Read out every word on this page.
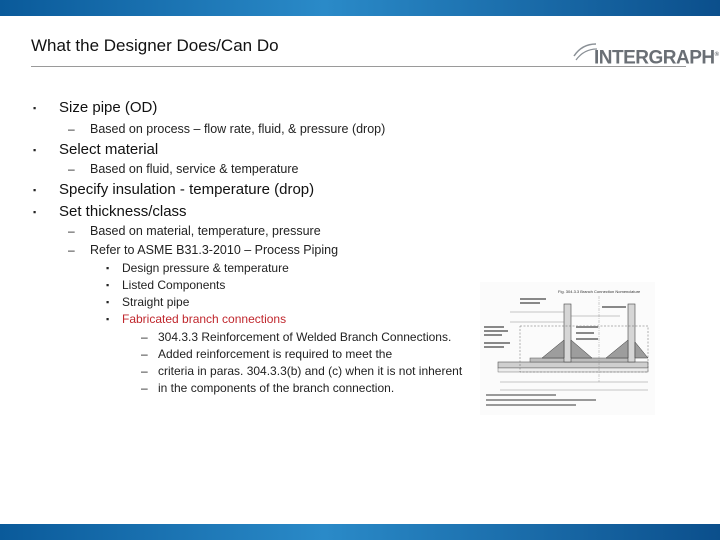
What the Designer Does/Can Do
INTERGRAPH®
▪ Size pipe (OD)
– Based on process – flow rate, fluid, & pressure (drop)
▪ Select material
– Based on fluid, service & temperature
▪ Specify insulation - temperature (drop)
▪ Set thickness/class
– Based on material, temperature, pressure
– Refer to ASME B31.3-2010 – Process Piping
▪ Design pressure & temperature
▪ Listed Components
▪ Straight pipe
▪ Fabricated branch connections
– 304.3.3 Reinforcement of Welded Branch Connections.
– Added reinforcement is required to meet the
– criteria in paras. 304.3.3(b) and (c) when it is not inherent
– in the components of the branch connection.
Fig. 304.3.3 Branch Connection Nomenclature
